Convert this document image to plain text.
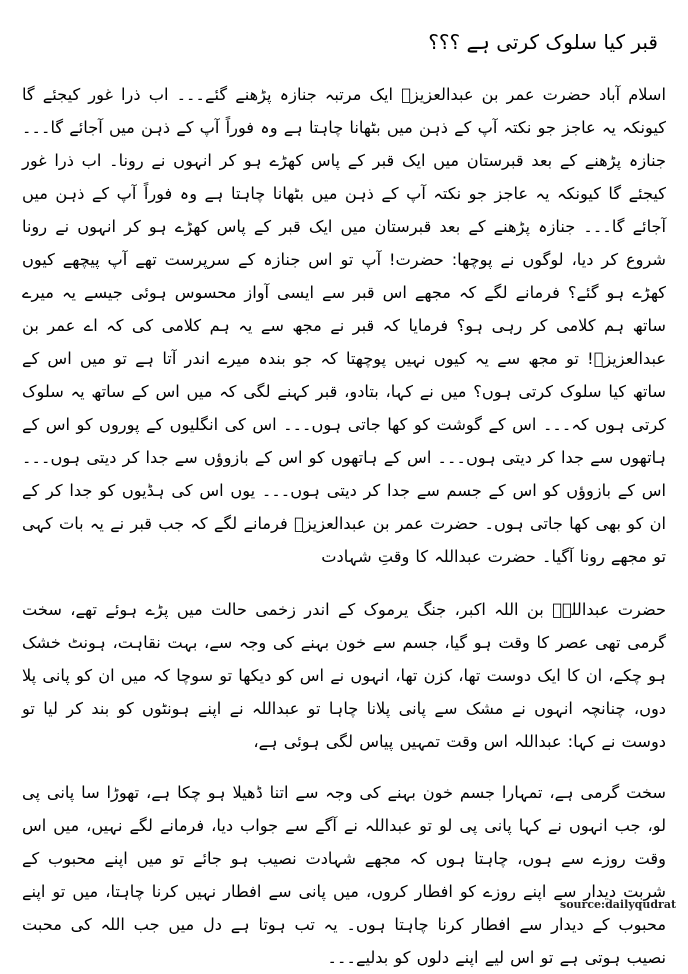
قبر کیا سلوک کرتی ہے ؟؟؟

اسلام آباد حضرت عمر بن عبدالعزیزؒ ایک مرتبہ جنازہ پڑھنے گئے۔۔۔ اب ذرا غور کیجئے گا کیونکہ یہ عاجز جو نکتہ آپ کے ذہن میں بٹھانا چاہتا ہے وہ فوراً آپ کے ذہن میں آجائے گا۔۔۔ جنازہ پڑھنے کے بعد قبرستان میں ایک قبر کے پاس کھڑے ہو کر انہوں نے رونا۔ اب ذرا غور کیجئے گا کیونکہ یہ عاجز جو نکتہ آپ کے ذہن میں بٹھانا چاہتا ہے وہ فوراً آپ کے ذہن میں آجائے گا۔۔۔ جنازہ پڑھنے کے بعد قبرستان میں ایک قبر کے پاس کھڑے ہو کر انہوں نے رونا شروع کر دیا، لوگوں نے پوچھا: حضرت! آپ تو اس جنازہ کے سرپرست تھے آپ پیچھے کیوں کھڑے ہو گئے؟ فرمانے لگے کہ مجھے اس قبر سے ایسی آواز محسوس ہوئی جیسے یہ میرے ساتھ ہم کلامی کر رہی ہو؟ فرمایا کہ قبر نے مجھ سے یہ ہم کلامی کی کہ اے عمر بن عبدالعزیزؒ! تو مجھ سے یہ کیوں نہیں پوچھتا کہ جو بندہ میرے اندر آتا ہے تو میں اس کے ساتھ کیا سلوک کرتی ہوں؟ میں نے کہا، بتادو، قبر کہنے لگی کہ میں اس کے ساتھ یہ سلوک کرتی ہوں کہ۔۔۔ اس کے گوشت کو کھا جاتی ہوں۔۔۔ اس کی انگلیوں کے پوروں کو اس کے ہاتھوں سے جدا کر دیتی ہوں۔۔۔ اس کے ہاتھوں کو اس کے بازوؤں سے جدا کر دیتی ہوں۔۔۔ اس کے بازوؤں کو اس کے جسم سے جدا کر دیتی ہوں۔۔۔ یوں اس کی ہڈیوں کو جدا کر کے ان کو بھی کھا جاتی ہوں۔ حضرت عمر بن عبدالعزیزؒ فرمانے لگے کہ جب قبر نے یہ بات کہی تو مجھے رونا آگیا۔ حضرت عبداللہ کا وقتِ شہادت

حضرت عبداللہؓ بن اللہ اکبر، جنگ یرموک کے اندر زخمی حالت میں پڑے ہوئے تھے، سخت گرمی تھی عصر کا وقت ہو گیا، جسم سے خون بہنے کی وجہ سے، بہت نقاہت، ہونٹ خشک ہو چکے، ان کا ایک دوست تھا، کزن تھا، انہوں نے اس کو دیکھا تو سوچا کہ میں ان کو پانی پلا دوں، چنانچہ انہوں نے مشک سے پانی پلانا چاہا تو عبداللہ نے اپنے ہونٹوں کو بند کر لیا تو دوست نے کہا: عبداللہ اس وقت تمہیں پیاس لگی ہوئی ہے،

سخت گرمی ہے، تمہارا جسم خون بہنے کی وجہ سے اتنا ڈھیلا ہو چکا ہے، تھوڑا سا پانی پی لو، جب انہوں نے کہا پانی پی لو تو عبداللہ نے آگے سے جواب دیا، فرمانے لگے نہیں، میں اس وقت روزے سے ہوں، چاہتا ہوں کہ مجھے شہادت نصیب ہو جائے تو میں اپنے محبوب کے شربت دیدار سے اپنے روزے کو افطار کروں، میں پانی سے افطار نہیں کرنا چاہتا، میں تو اپنے محبوب کے دیدار سے افطار کرنا چاہتا ہوں۔ یہ تب ہوتا ہے دل میں جب اللہ کی محبت نصیب ہوتی ہے تو اس لیے اپنے دلوں کو بدلیے۔۔۔

source:dailyqudrat
